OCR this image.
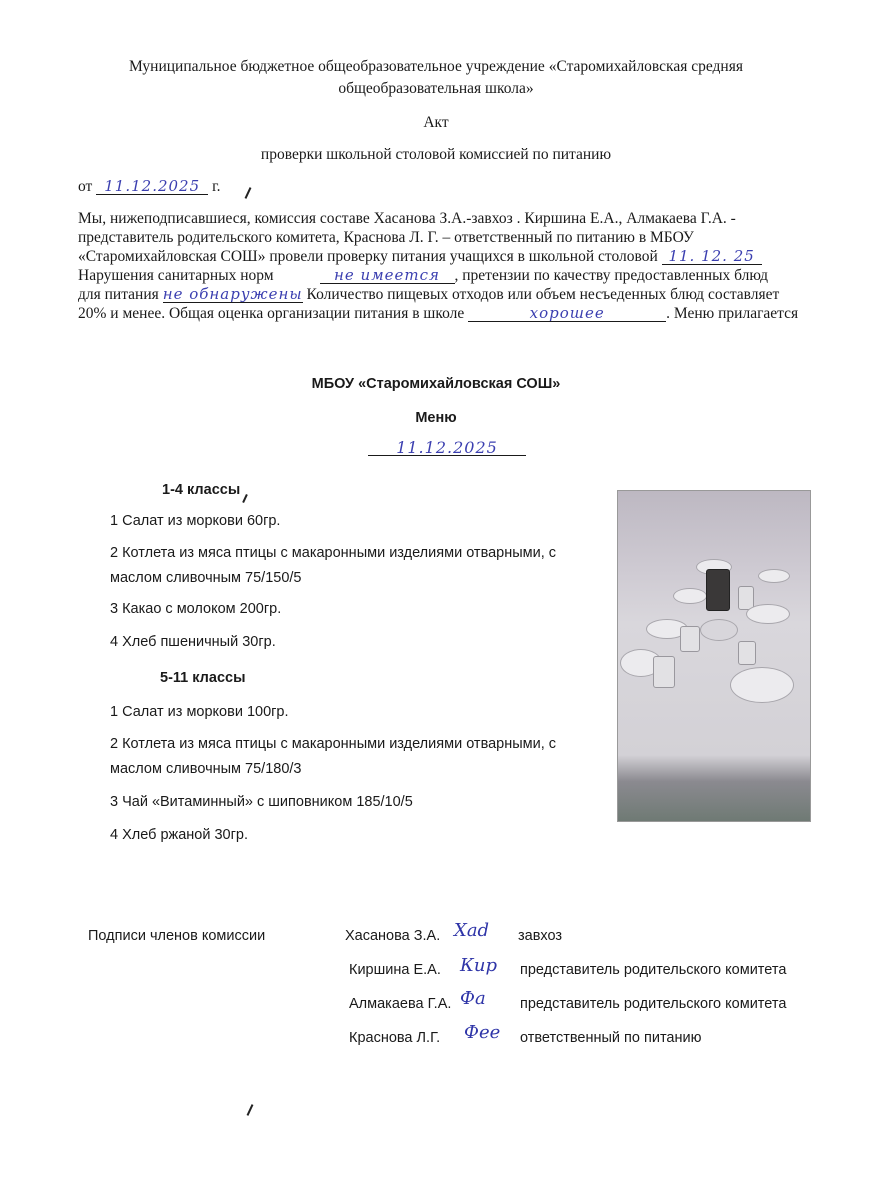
Муниципальное бюджетное общеобразовательное учреждение «Старомихайловская средняя
общеобразовательная школа»
Акт
проверки школьной столовой комиссией по питанию
от 11.12.2025 г.
Мы, нижеподписавшиеся, комиссия составе Хасанова З.А.-завхоз . Киршина Е.А., Алмакаева Г.А. -
представитель родительского комитета, Краснова Л. Г. – ответственный по питанию в МБОУ
«Старомихайловская СОШ» провели проверку питания учащихся в школьной столовой 11. 12. 25
Нарушения санитарных норм	не имеется , претензии по качеству предоставленных блюд
для питания не обнаружены Количество пищевых отходов или объем несъеденных блюд составляет
20% и менее. Общая оценка организации питания в школе	хорошее	. Меню прилагается
МБОУ «Старомихайловская СОШ»
Меню
11.12.2025
1-4 классы
1 Салат из моркови 60гр.
2 Котлета из мяса птицы с макаронными изделиями отварными, с
маслом сливочным 75/150/5
3 Какао с молоком 200гр.
4 Хлеб пшеничный 30гр.
5-11 классы
1 Салат из моркови 100гр.
2 Котлета из мяса птицы с макаронными изделиями отварными, с
маслом сливочным 75/180/3
3 Чай «Витаминный» с шиповником 185/10/5
4 Хлеб ржаной 30гр.
Подписи членов комиссии	Хасанова З.А. Xad завхоз
Киршина Е.А. Кир представитель родительского комитета
Алмакаева Г.А. Фа представитель родительского комитета
Краснова Л.Г. Фее ответственный по питанию
